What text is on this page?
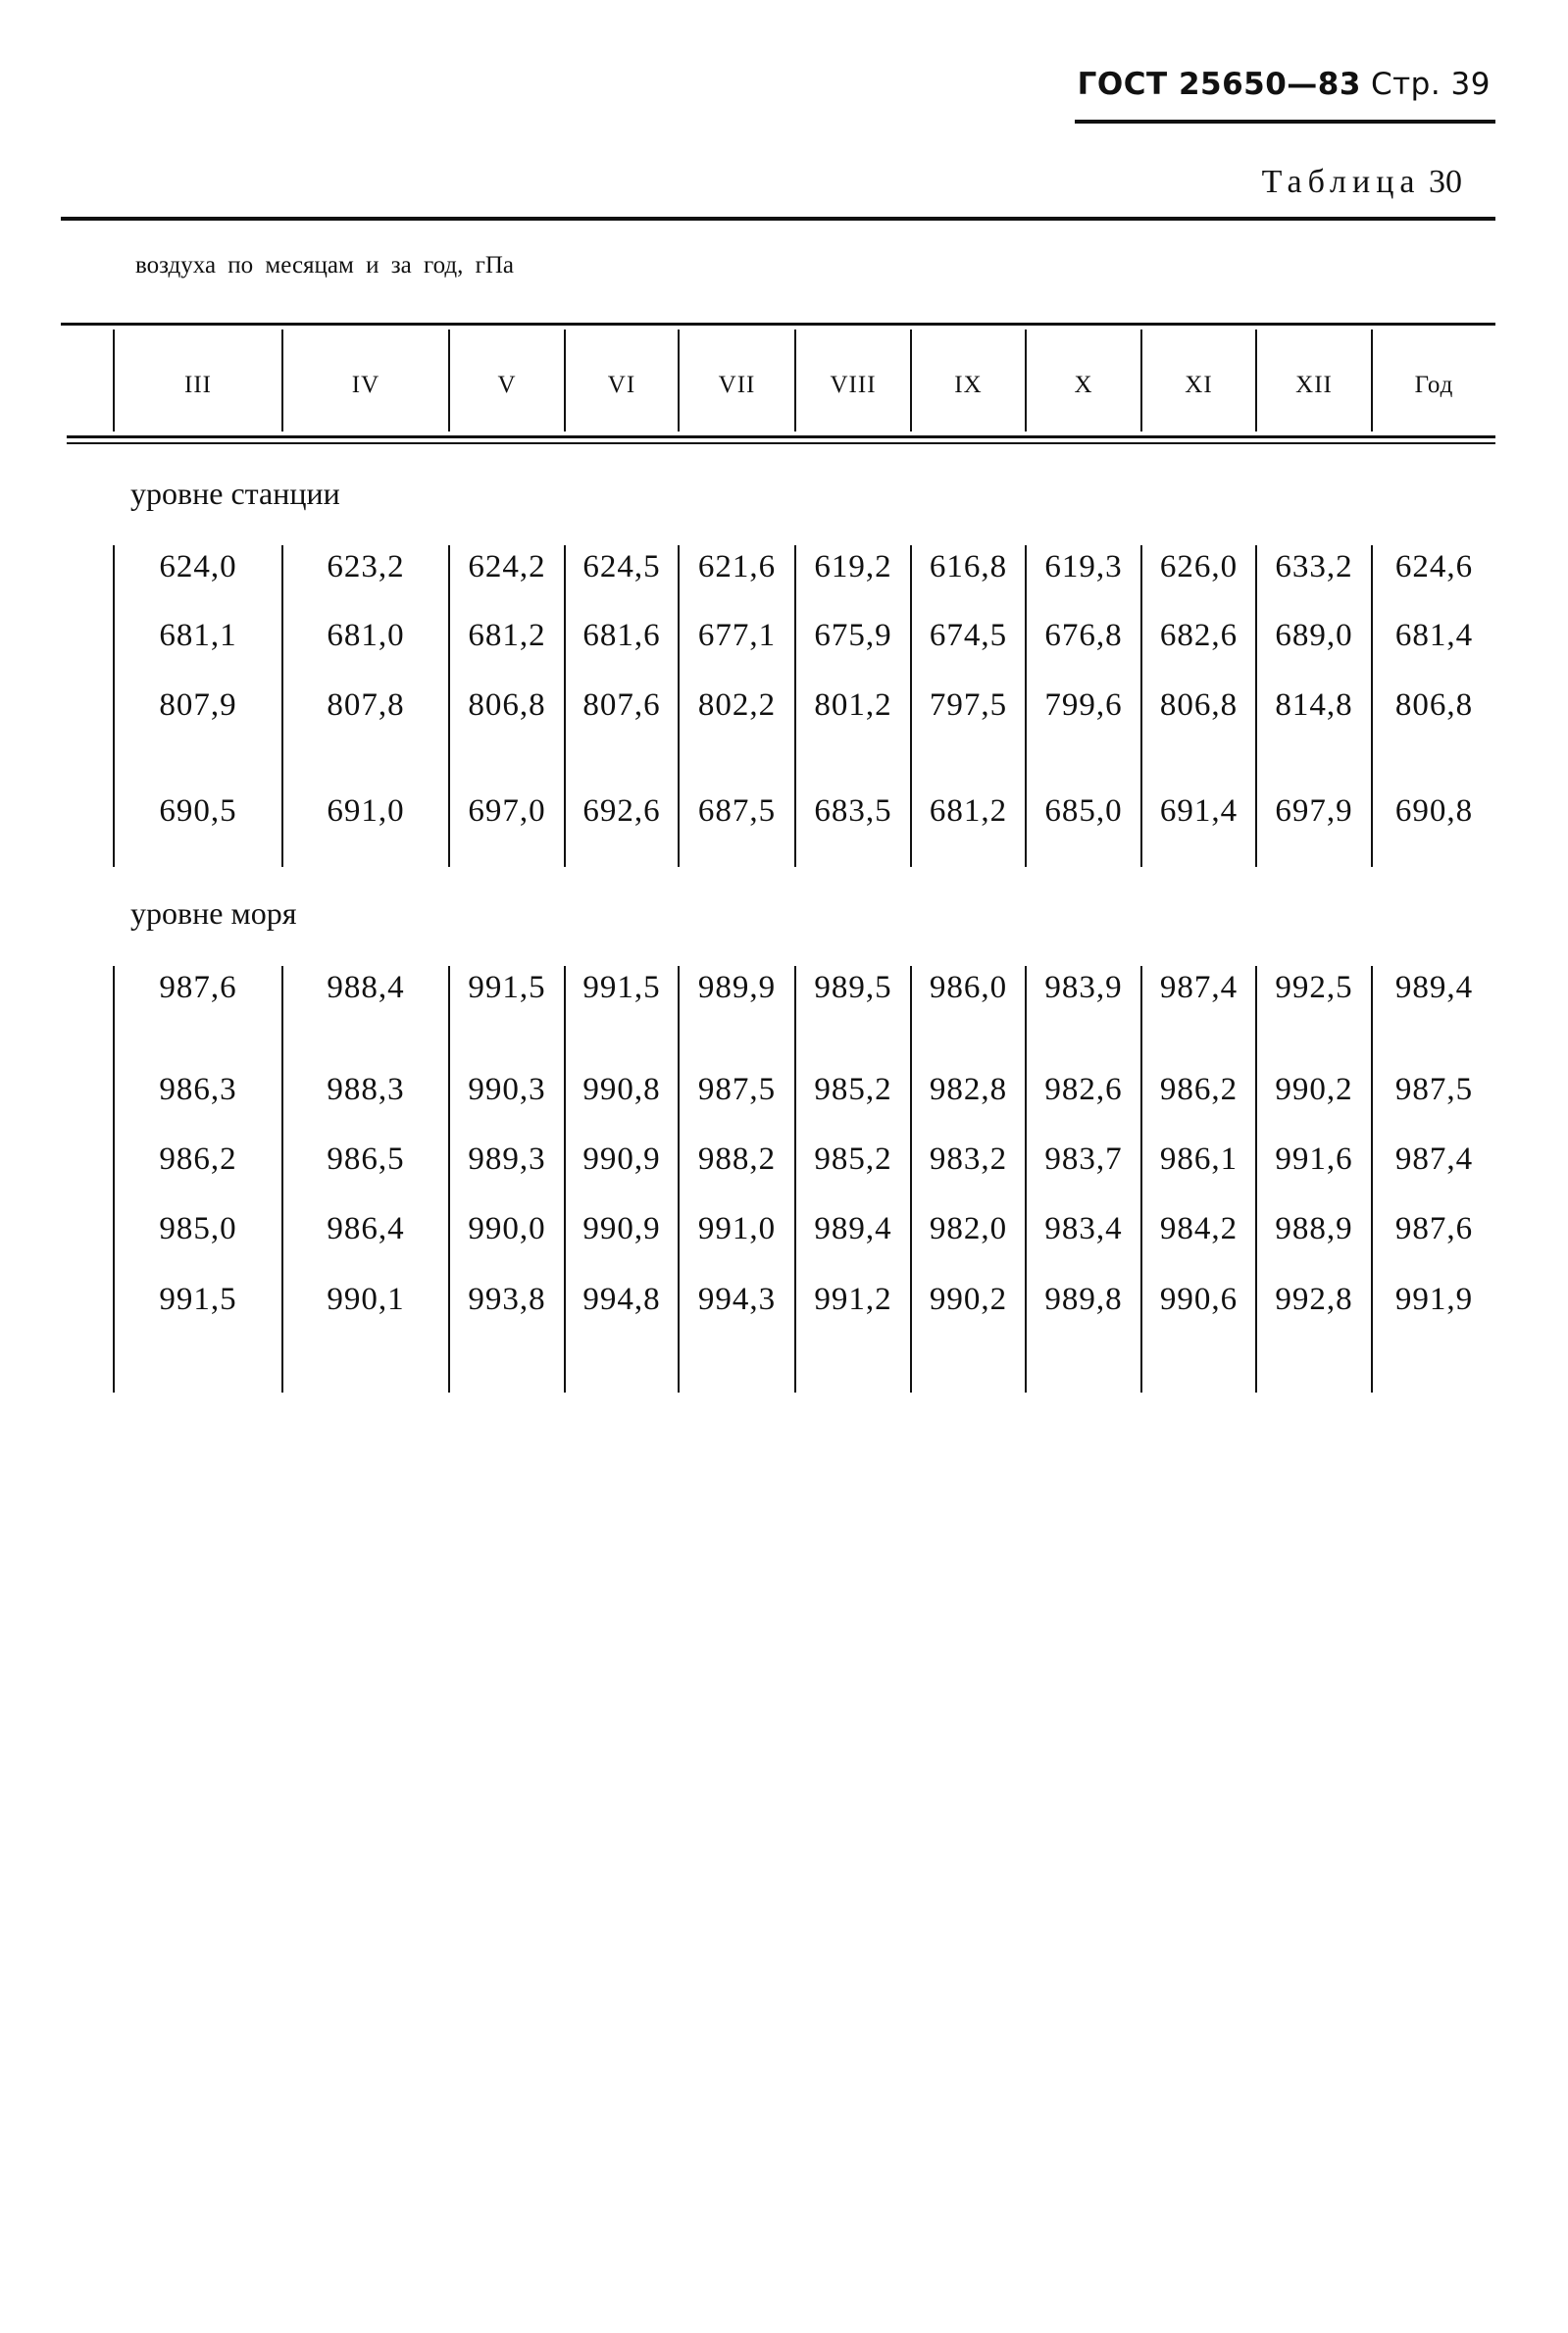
ГОСТ 25650—83 Стр. 39
Таблица 30
воздуха по месяцам и за год, гПа
III	IV	V	VI	VII	VIII	IX	X	XI	XII	Год
уровне станции
624,0	623,2	624,2	624,5	621,6	619,2	616,8	619,3	626,0	633,2	624,6
681,1	681,0	681,2	681,6	677,1	675,9	674,5	676,8	682,6	689,0	681,4
807,9	807,8	806,8	807,6	802,2	801,2	797,5	799,6	806,8	814,8	806,8
690,5	691,0	697,0	692,6	687,5	683,5	681,2	685,0	691,4	697,9	690,8
уровне моря
987,6	988,4	991,5	991,5	989,9	989,5	986,0	983,9	987,4	992,5	989,4
986,3	988,3	990,3	990,8	987,5	985,2	982,8	982,6	986,2	990,2	987,5
986,2	986,5	989,3	990,9	988,2	985,2	983,2	983,7	986,1	991,6	987,4
985,0	986,4	990,0	990,9	991,0	989,4	982,0	983,4	984,2	988,9	987,6
991,5	990,1	993,8	994,8	994,3	991,2	990,2	989,8	990,6	992,8	991,9
